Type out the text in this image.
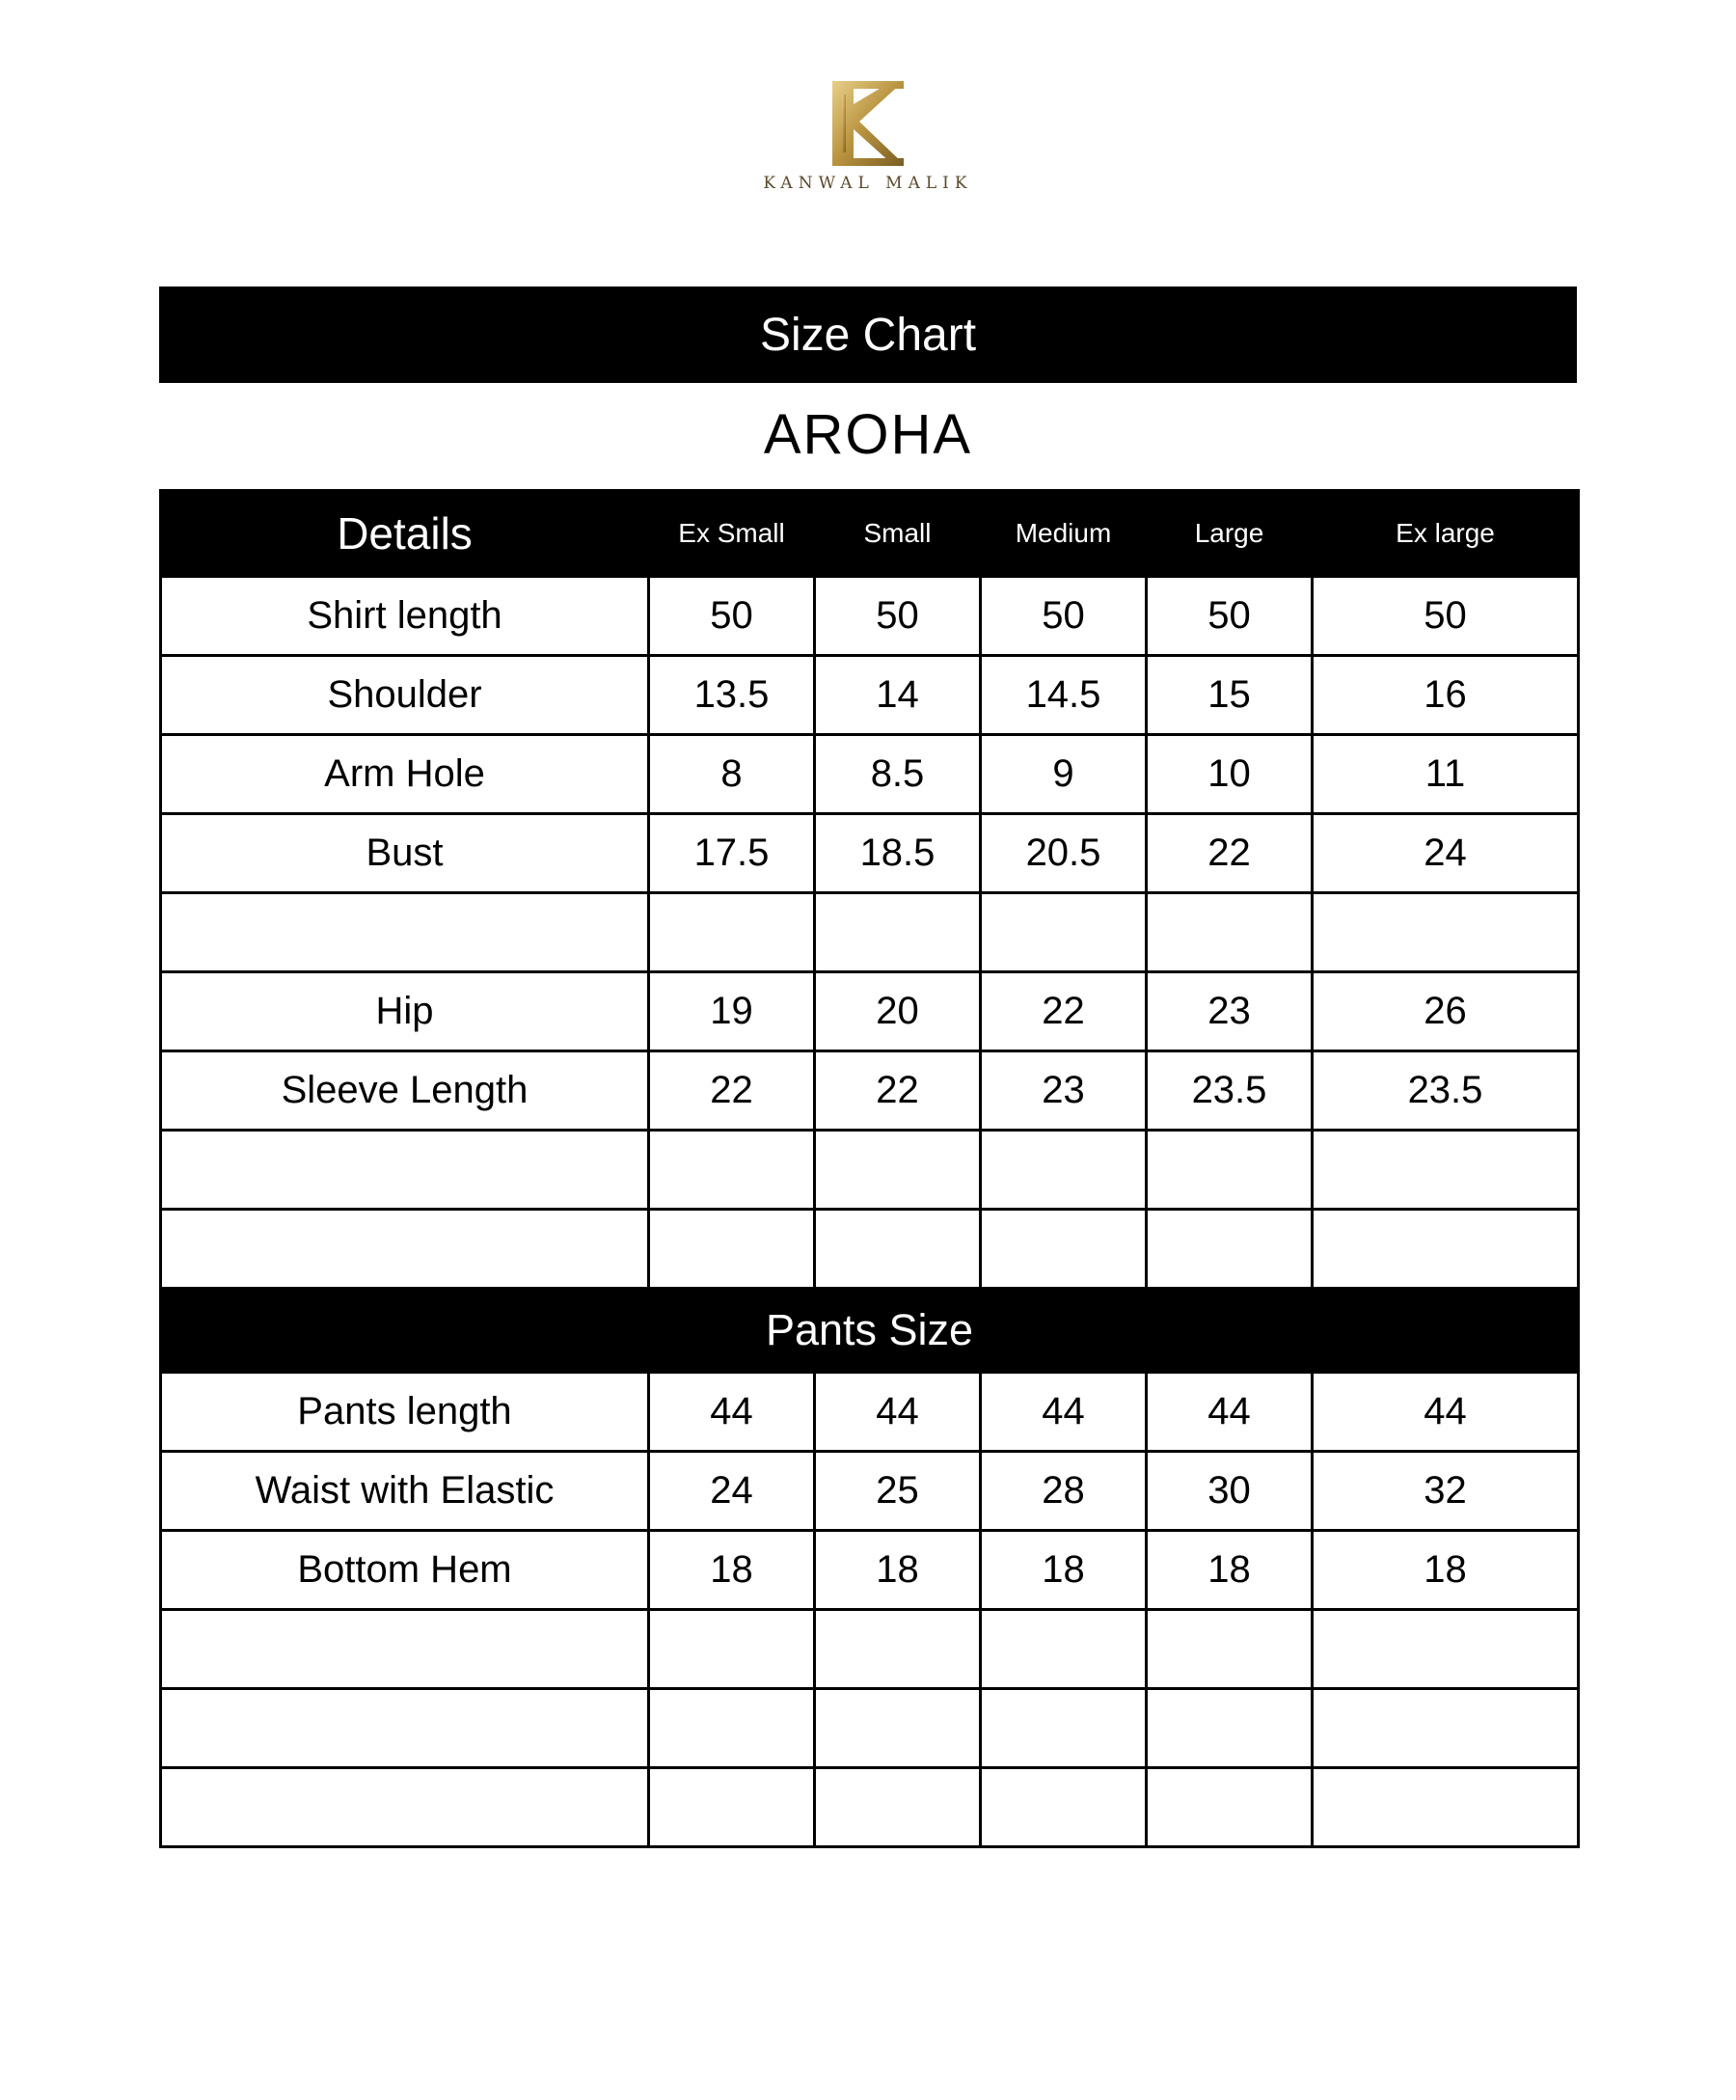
KANWAL MALIK
Size Chart
AROHA
Details	Ex Small	Small	Medium	Large	Ex large
Shirt length	50	50	50	50	50
Shoulder	13.5	14	14.5	15	16
Arm Hole	8	8.5	9	10	11
Bust	17.5	18.5	20.5	22	24

Hip	19	20	22	23	26
Sleeve Length	22	22	23	23.5	23.5

Pants Size					
Pants length	44	44	44	44	44
Waist with Elastic	24	25	28	30	32
Bottom Hem	18	18	18	18	18
